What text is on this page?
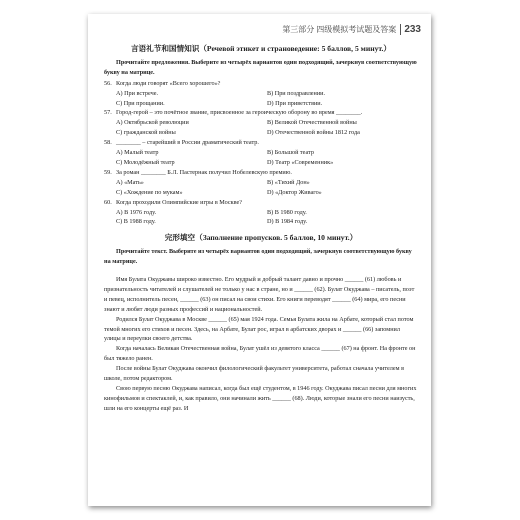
第三部分 四级模拟考试题及答案 233
言语礼节和国情知识（Речевой этикет и страноведение: 5 баллов, 5 минут.）
Прочитайте предложения. Выберите из четырёх вариантов один подходящий, зачеркнув соответствующую букву на матрице.
56. Когда люди говорят «Всего хорошего»?
A) При встрече.	B) При поздравлении.
C) При прощании.	D) При приветствии.
57. Город-герой – это почётное звание, присвоенное за героическую оборону во время ________.
A) Октябрьской революции	B) Великой Отечественной войны
C) гражданской войны	D) Отечественной войны 1812 года
58. ________ – старейший в России драматический театр.
A) Малый театр	B) Большой театр
C) Молодёжный театр	D) Театр «Современник»
59. За роман ________ Б.Л. Пастернак получил Нобелевскую премию.
A) «Мать»	B) «Тихий Дон»
C) «Хождение по мукам»	D) «Доктор Живаго»
60. Когда проходили Олимпийские игры в Москве?
A) В 1976 году.	B) В 1980 году.
C) В 1988 году.	D) В 1984 году.
完形填空（Заполнение пропусков. 5 баллов, 10 минут.）
Прочитайте текст. Выберите из четырёх вариантов один подходящий, зачеркнув соответствующую букву на матрице.

Имя Булата Окуджавы широко известно. Его мудрый и добрый талант давно и прочно ______ (61) любовь и признательность читателей и слушателей не только у нас в стране, но и ______ (62). Булат Окуджава – писатель, поэт и певец, исполнитель песен, ______ (63) он писал на свои стихи. Его книги переводят ______ (64) мира, его песни знают и любят люди разных профессий и национальностей.

Родился Булат Окуджава в Москве ______ (65) мая 1924 года. Семья Булата жила на Арбате, который стал потом темой многих его стихов и песен. Здесь, на Арбате, Булат рос, играл в арбатских дворах и ______ (66) запомнил улицы и переулки своего детства.

Когда началась Великая Отечественная война, Булат ушёл из девятого класса ______ (67) на фронт. На фронте он был тяжело ранен.

После войны Булат Окуджава окончил филологический факультет университета, работал сначала учителем в школе, потом редактором.

Свою первую песню Окуджава написал, когда был ещё студентом, в 1946 году. Окуджава писал песни для многих кинофильмов и спектаклей, и, как правило, они начинали жить ______ (68). Люди, которые знали его песни наизусть, шли на его концерты ещё раз. И
